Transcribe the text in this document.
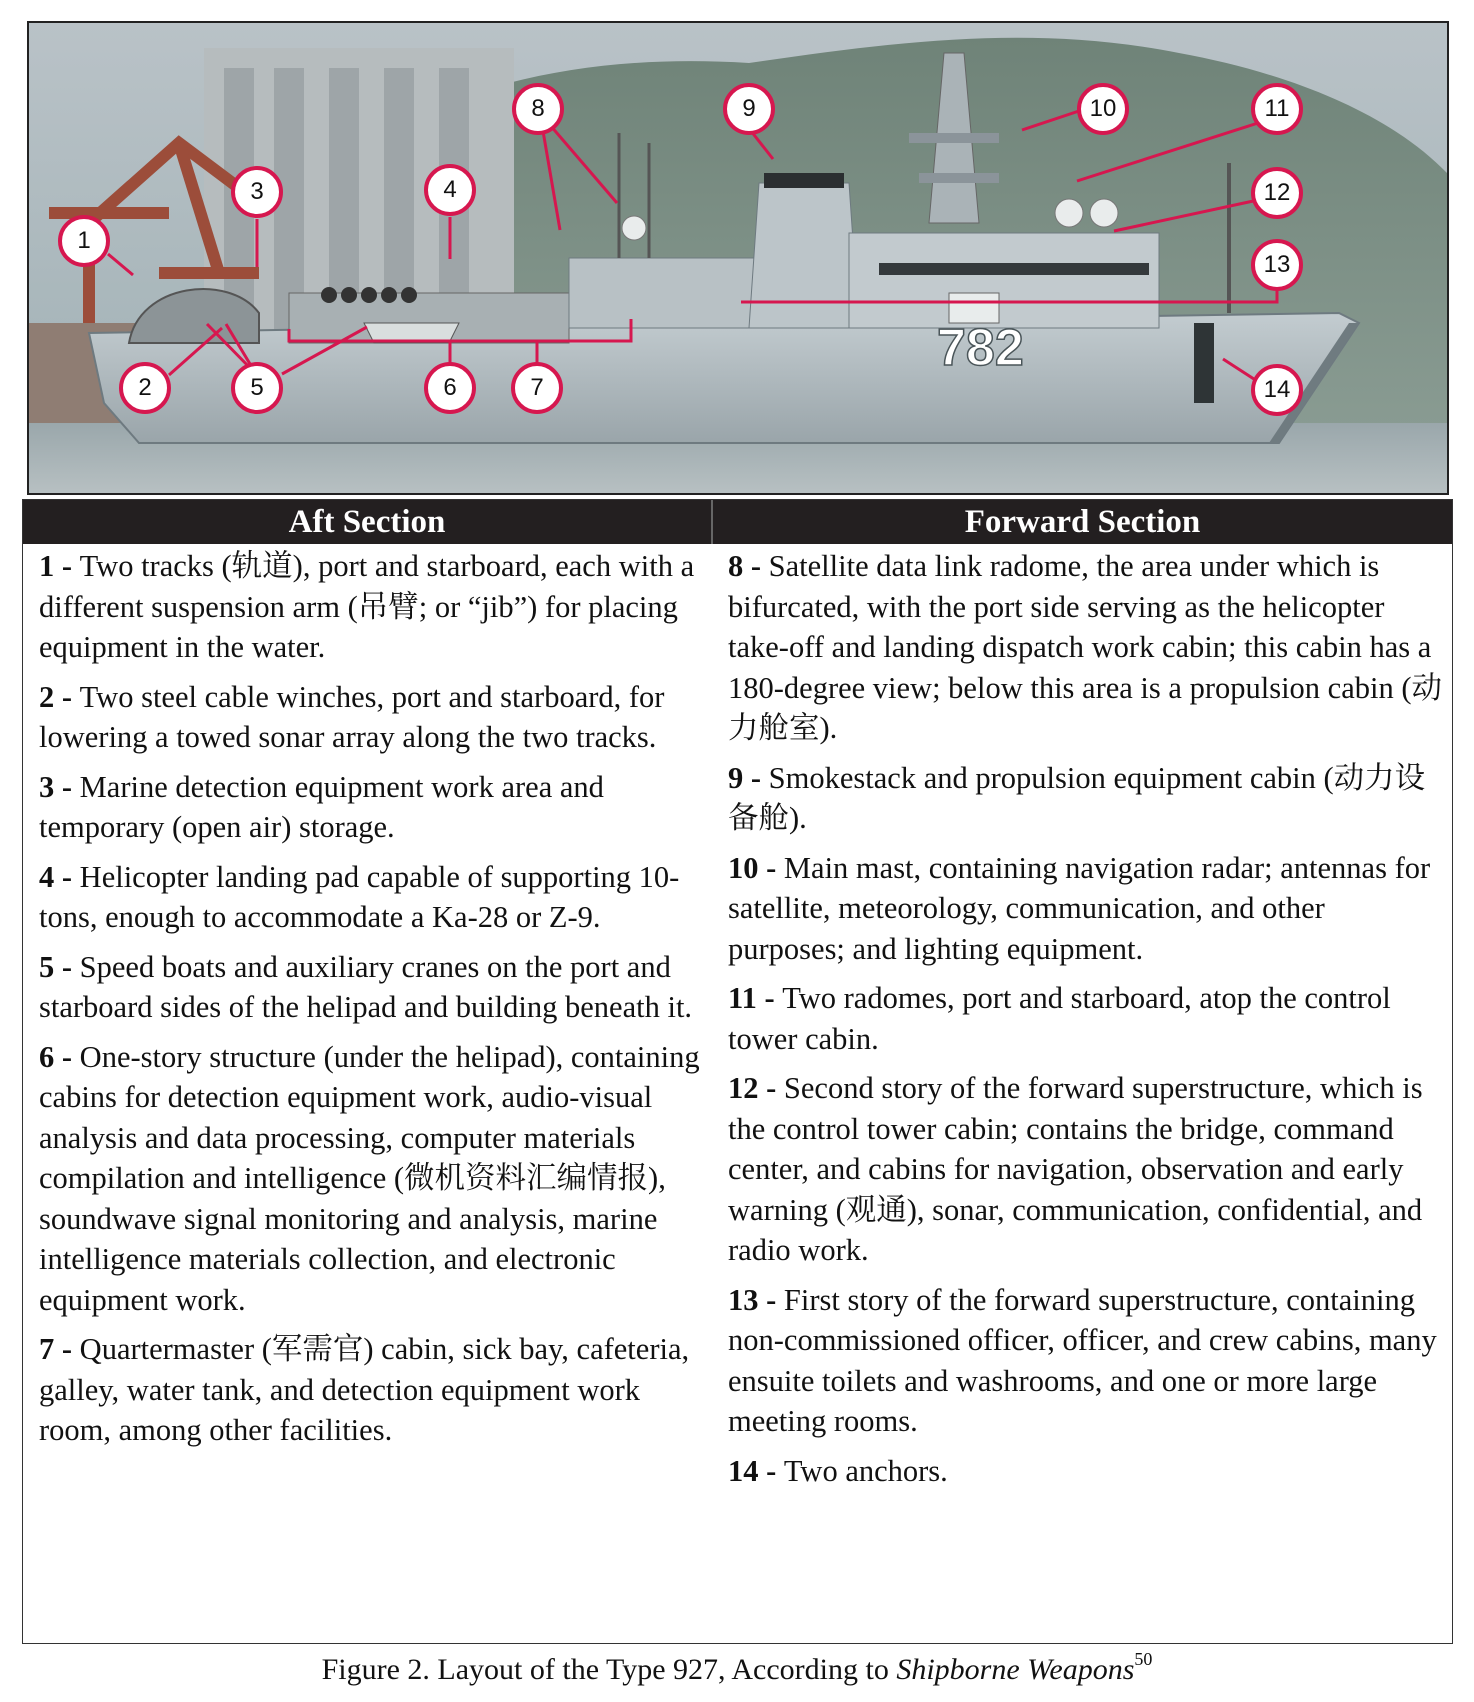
782
1
2
3	4
5	6	7
8	9	10	11
12
13
14
Aft Section	Forward Section

1 - Two tracks (轨道), port and starboard, each with a different suspension arm (吊臂; or “jib”) for placing equipment in the water.

2 - Two steel cable winches, port and starboard, for lowering a towed sonar array along the two tracks.

3 - Marine detection equipment work area and temporary (open air) storage.

4 - Helicopter landing pad capable of supporting 10-tons, enough to accommodate a Ka-28 or Z-9.

5 - Speed boats and auxiliary cranes on the port and starboard sides of the helipad and building beneath it.

6 - One-story structure (under the helipad), containing cabins for detection equipment work, audio-visual analysis and data processing, computer materials compilation and intelligence (微机资料汇编情报), soundwave signal monitoring and analysis, marine intelligence materials collection, and electronic equipment work.

7 - Quartermaster (军需官) cabin, sick bay, cafeteria, galley, water tank, and detection equipment work room, among other facilities.

8 - Satellite data link radome, the area under which is bifurcated, with the port side serving as the helicopter take-off and landing dispatch work cabin; this cabin has a 180-degree view; below this area is a propulsion cabin (动力舱室).

9 - Smokestack and propulsion equipment cabin (动力设备舱).

10 - Main mast, containing navigation radar; antennas for satellite, meteorology, communication, and other purposes; and lighting equipment.

11 - Two radomes, port and starboard, atop the control tower cabin.

12 - Second story of the forward superstructure, which is the control tower cabin; contains the bridge, command center, and cabins for navigation, observation and early warning (观通), sonar, communication, confidential, and radio work.

13 - First story of the forward superstructure, containing non-commissioned officer, officer, and crew cabins, many ensuite toilets and washrooms, and one or more large meeting rooms.

14 - Two anchors.

Figure 2. Layout of the Type 927, According to Shipborne Weapons$^{50}$
